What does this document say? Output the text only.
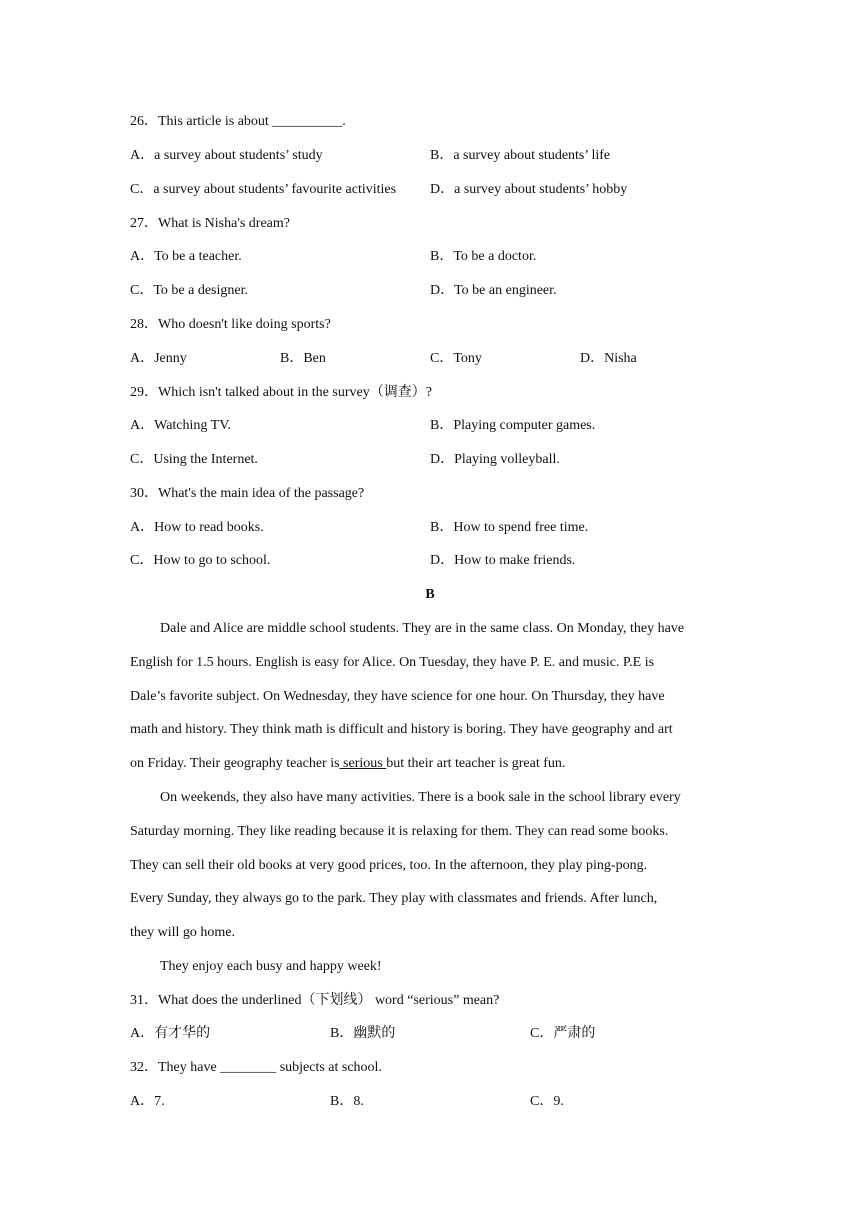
26．This article is about __________.
A．a survey about students’ study	B．a survey about students’ life
C．a survey about students’ favourite activities D．a survey about students’ hobby
27．What is Nisha's dream?
A．To be a teacher.	B．To be a doctor.
C．To be a designer.	D．To be an engineer.
28．Who doesn't like doing sports?
A．Jenny	B．Ben	C．Tony	D．Nisha
29．Which isn't talked about in the survey（调查）?
A．Watching TV.	B．Playing computer games.
C．Using the Internet.	D．Playing volleyball.
30．What's the main idea of the passage?
A．How to read books.	B．How to spend free time.
C．How to go to school.	D．How to make friends.
B
Dale and Alice are middle school students. They are in the same class. On Monday, they have
English for 1.5 hours. English is easy for Alice. On Tuesday, they have P. E. and music. P.E is
Dale’s favorite subject. On Wednesday, they have science for one hour. On Thursday, they have
math and history. They think math is difficult and history is boring. They have geography and art
on Friday. Their geography teacher is serious but their art teacher is great fun.
On weekends, they also have many activities. There is a book sale in the school library every
Saturday morning. They like reading because it is relaxing for them. They can read some books.
They can sell their old books at very good prices, too. In the afternoon, they play ping-pong.
Every Sunday, they always go to the park. They play with classmates and friends. After lunch,
they will go home.
They enjoy each busy and happy week!
31．What does the underlined（下划线） word “serious” mean?
A．有才华的	B．幽默的	C．严肃的
32．They have ________ subjects at school.
A．7.	B．8.	C．9.
